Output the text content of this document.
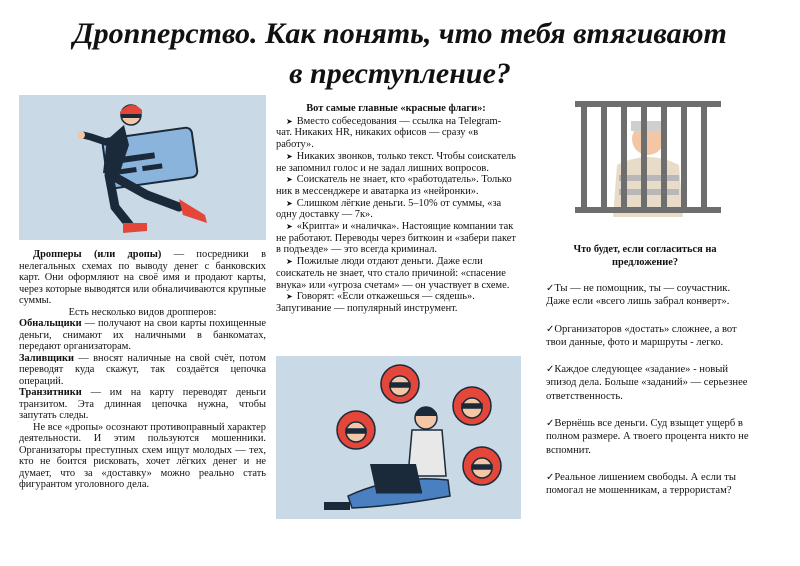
Дропперство. Как понять, что тебя втягивают
в преступление?

Дропперы (или дропы) — посредники в нелегальных схемах по выводу денег с банковских карт. Они оформляют на своё имя и продают карты, через которые выводятся или обналичиваются крупные суммы.

Есть несколько видов дропперов:

Обнальщики — получают на свои карты похищенные деньги, снимают их наличными в банкоматах, передают организаторам.

Заливщики — вносят наличные на свой счёт, потом переводят куда скажут, так создаётся цепочка операций.

Транзитники — им на карту переводят деньги транзитом. Эта длинная цепочка нужна, чтобы запутать следы.

Не все «дропы» осознают противоправный характер деятельности. И этим пользуются мошенники. Организаторы преступных схем ищут молодых — тех, кто не боится рисковать, хочет лёгких денег и не думает, что за «доставку» можно реально стать фигурантом уголовного дела.

Вот самые главные «красные флаги»:

➤ Вместо собеседования — ссылка на Telegram-чат. Никаких HR, никаких офисов — сразу «в работу».

➤ Никаких звонков, только текст. Чтобы соискатель не запомнил голос и не задал лишних вопросов.

➤ Соискатель не знает, кто «работодатель». Только ник в мессенджере и аватарка из «нейронки».

➤ Слишком лёгкие деньги. 5–10% от суммы, «за одну доставку — 7к».

➤ «Крипта» и «наличка». Настоящие компании так не работают. Переводы через биткоин и «забери пакет в подъезде» — это всегда криминал.

➤ Пожилые люди отдают деньги. Даже если соискатель не знает, что стало причиной: «спасение внука» или «угроза счетам» — он участвует в схеме.

➤ Говорят: «Если откажешься — сядешь». Запугивание — популярный инструмент.

Что будет, если согласиться на предложение?

✓Ты — не помощник, ты — соучастник. Даже если «всего лишь забрал конверт».

✓Организаторов «достать» сложнее, а вот твои данные, фото и маршруты - легко.

✓Каждое следующее «задание» - новый эпизод дела. Больше «заданий» — серьезнее ответственность.

✓Вернёшь все деньги. Суд взыщет ущерб в полном размере. А твоего процента никто не вспомнит.

✓Реальное лишением свободы. А если ты помогал не мошенникам, а террористам?
